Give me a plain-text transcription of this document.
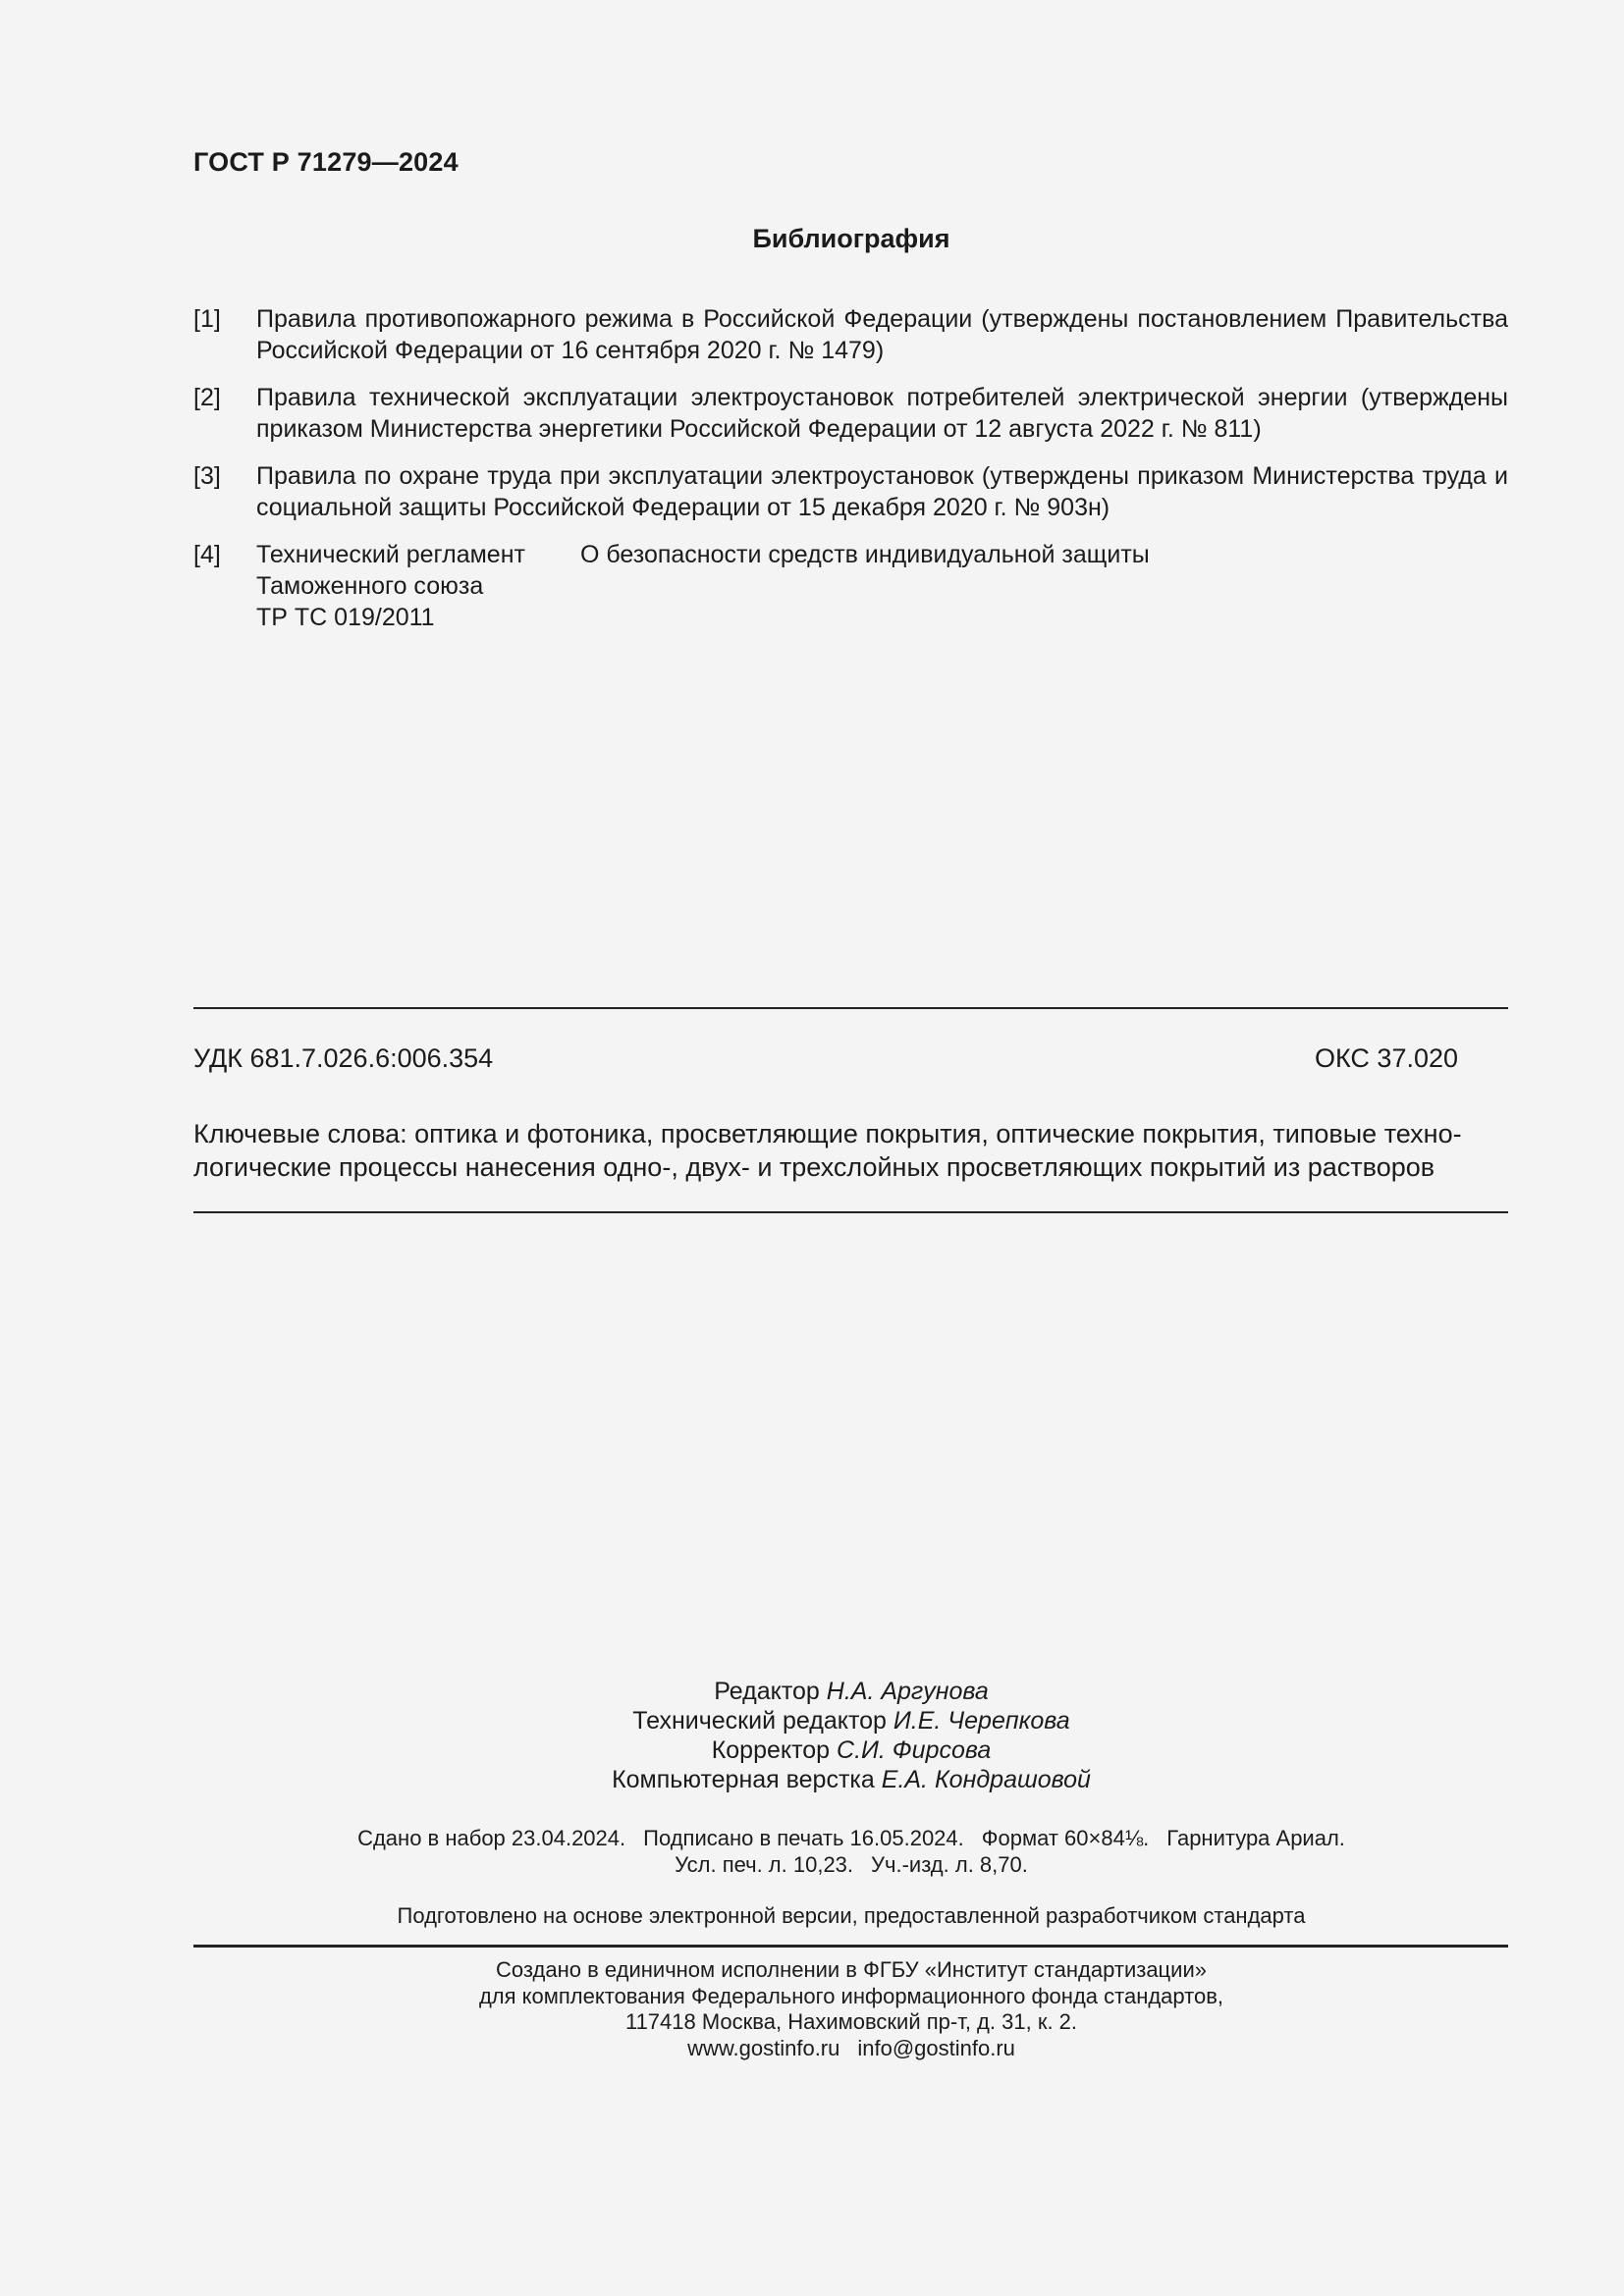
ГОСТ Р 71279—2024
Библиография
[1] Правила противопожарного режима в Российской Федерации (утверждены постановлением Правительства Российской Федерации от 16 сентября 2020 г. № 1479)
[2] Правила технической эксплуатации электроустановок потребителей электрической энергии (утверждены приказом Министерства энергетики Российской Федерации от 12 августа 2022 г. № 811)
[3] Правила по охране труда при эксплуатации электроустановок (утверждены приказом Министерства труда и социальной защиты Российской Федерации от 15 декабря 2020 г. № 903н)
[4] Технический регламент
Таможенного союза
ТР ТС 019/2011
О безопасности средств индивидуальной защиты
УДК 681.7.026.6:006.354	ОКС 37.020
Ключевые слова: оптика и фотоника, просветляющие покрытия, оптические покрытия, типовые техно-
логические процессы нанесения одно-, двух- и трехслойных просветляющих покрытий из растворов
Редактор Н.А. Аргунова
Технический редактор И.Е. Черепкова
Корректор С.И. Фирсова
Компьютерная верстка Е.А. Кондрашовой
Сдано в набор 23.04.2024. Подписано в печать 16.05.2024. Формат 60×84⅛. Гарнитура Ариал.
Усл. печ. л. 10,23. Уч.-изд. л. 8,70.
Подготовлено на основе электронной версии, предоставленной разработчиком стандарта
Создано в единичном исполнении в ФГБУ «Институт стандартизации»
для комплектования Федерального информационного фонда стандартов,
117418 Москва, Нахимовский пр-т, д. 31, к. 2.
www.gostinfo.ru info@gostinfo.ru
